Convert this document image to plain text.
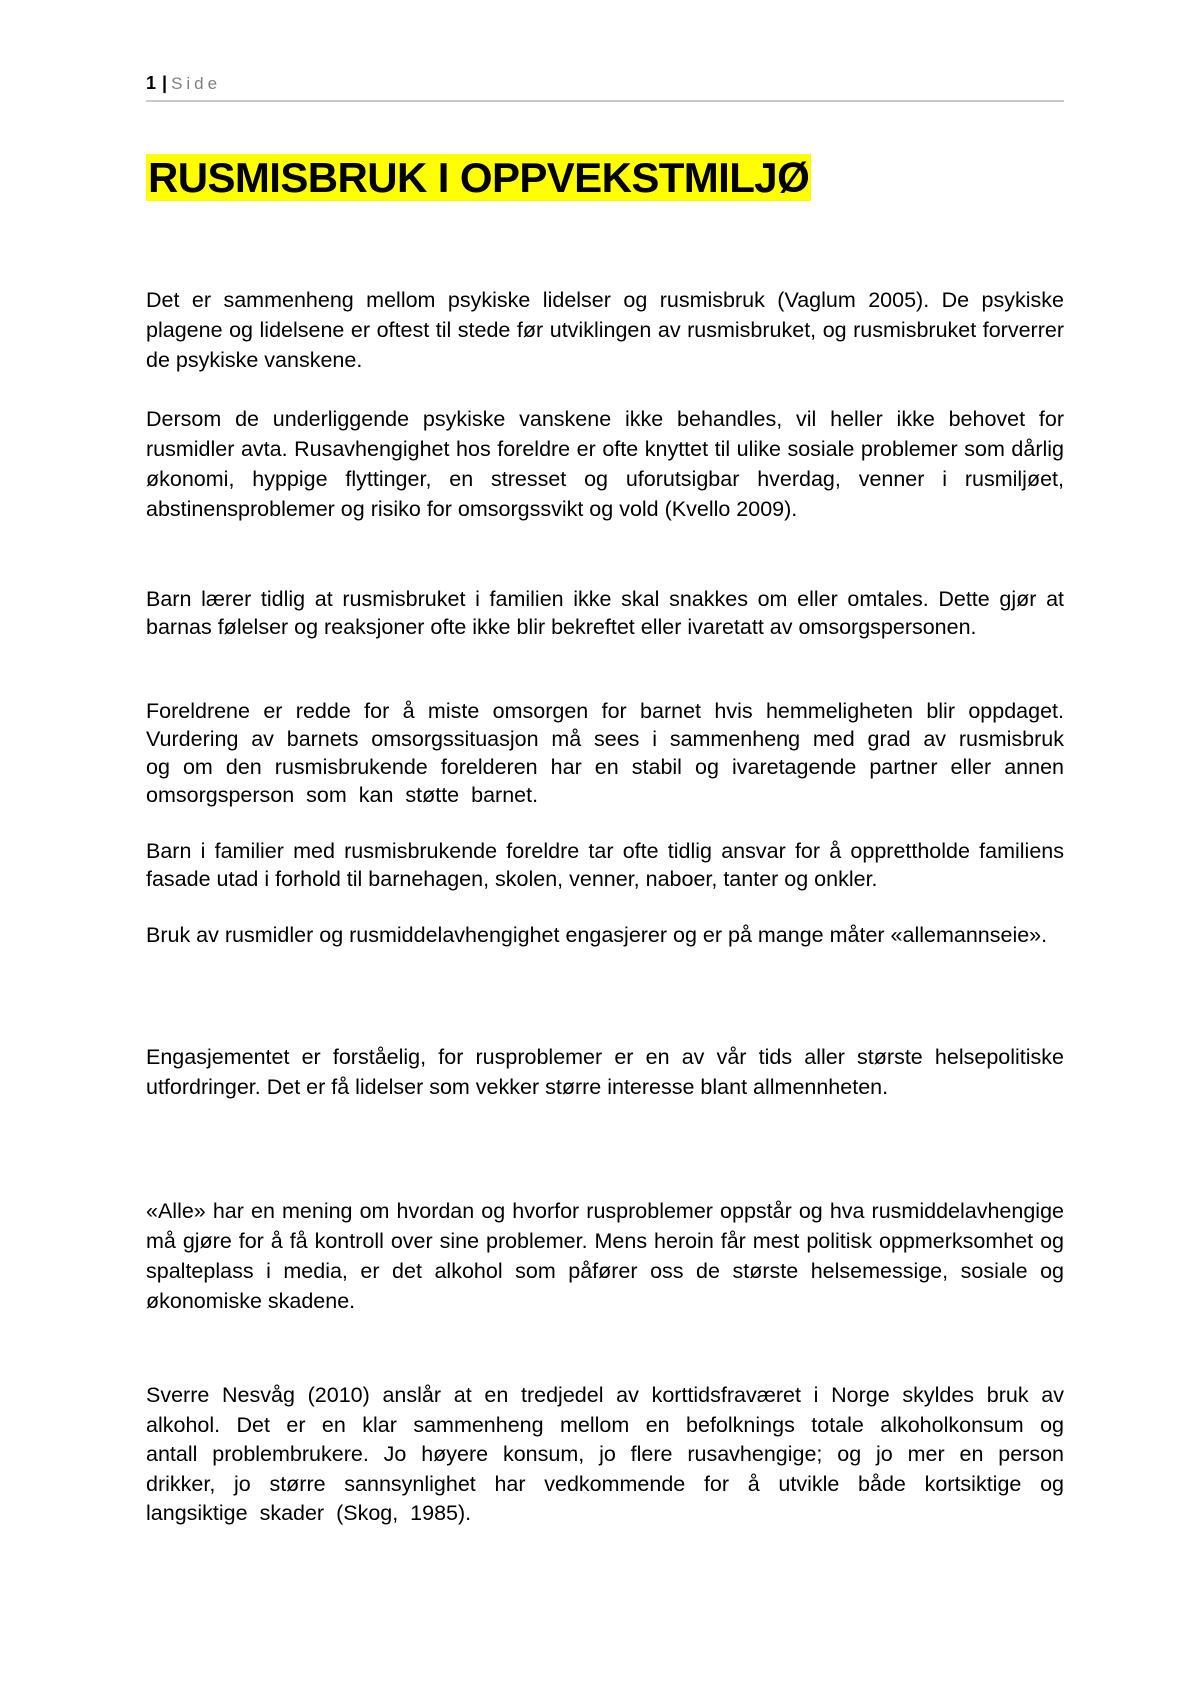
1 | Side
RUSMISBRUK I OPPVEKSTMILJØ

Det er sammenheng mellom psykiske lidelser og rusmisbruk (Vaglum 2005). De psykiske plagene og lidelsene er oftest til stede før utviklingen av rusmisbruket, og rusmisbruket forverrer de psykiske vanskene.

Dersom de underliggende psykiske vanskene ikke behandles, vil heller ikke behovet for rusmidler avta. Rusavhengighet hos foreldre er ofte knyttet til ulike sosiale problemer som dårlig økonomi, hyppige flyttinger, en stresset og uforutsigbar hverdag, venner i rusmiljøet, abstinensproblemer og risiko for omsorgssvikt og vold (Kvello 2009).

Barn lærer tidlig at rusmisbruket i familien ikke skal snakkes om eller omtales. Dette gjør at barnas følelser og reaksjoner ofte ikke blir bekreftet eller ivaretatt av omsorgspersonen.

Foreldrene er redde for å miste omsorgen for barnet hvis hemmeligheten blir oppdaget. Vurdering av barnets omsorgssituasjon må sees i sammenheng med grad av rusmisbruk og om den rusmisbrukende forelderen har en stabil og ivaretagende partner eller annen omsorgsperson som kan støtte barnet.

Barn i familier med rusmisbrukende foreldre tar ofte tidlig ansvar for å opprettholde familiens fasade utad i forhold til barnehagen, skolen, venner, naboer, tanter og onkler.

Bruk av rusmidler og rusmiddelavhengighet engasjerer og er på mange måter «allemannseie».

Engasjementet er forståelig, for rusproblemer er en av vår tids aller største helsepolitiske utfordringer. Det er få lidelser som vekker større interesse blant allmennheten.

«Alle» har en mening om hvordan og hvorfor rusproblemer oppstår og hva rusmiddelavhengige må gjøre for å få kontroll over sine problemer. Mens heroin får mest politisk oppmerksomhet og spalteplass i media, er det alkohol som påfører oss de største helsemessige, sosiale og økonomiske skadene.

Sverre Nesvåg (2010) anslår at en tredjedel av korttidsfraværet i Norge skyldes bruk av alkohol. Det er en klar sammenheng mellom en befolknings totale alkoholkonsum og antall problembrukere. Jo høyere konsum, jo flere rusavhengige; og jo mer en person drikker, jo større sannsynlighet har vedkommende for å utvikle både kortsiktige og langsiktige skader (Skog, 1985).
